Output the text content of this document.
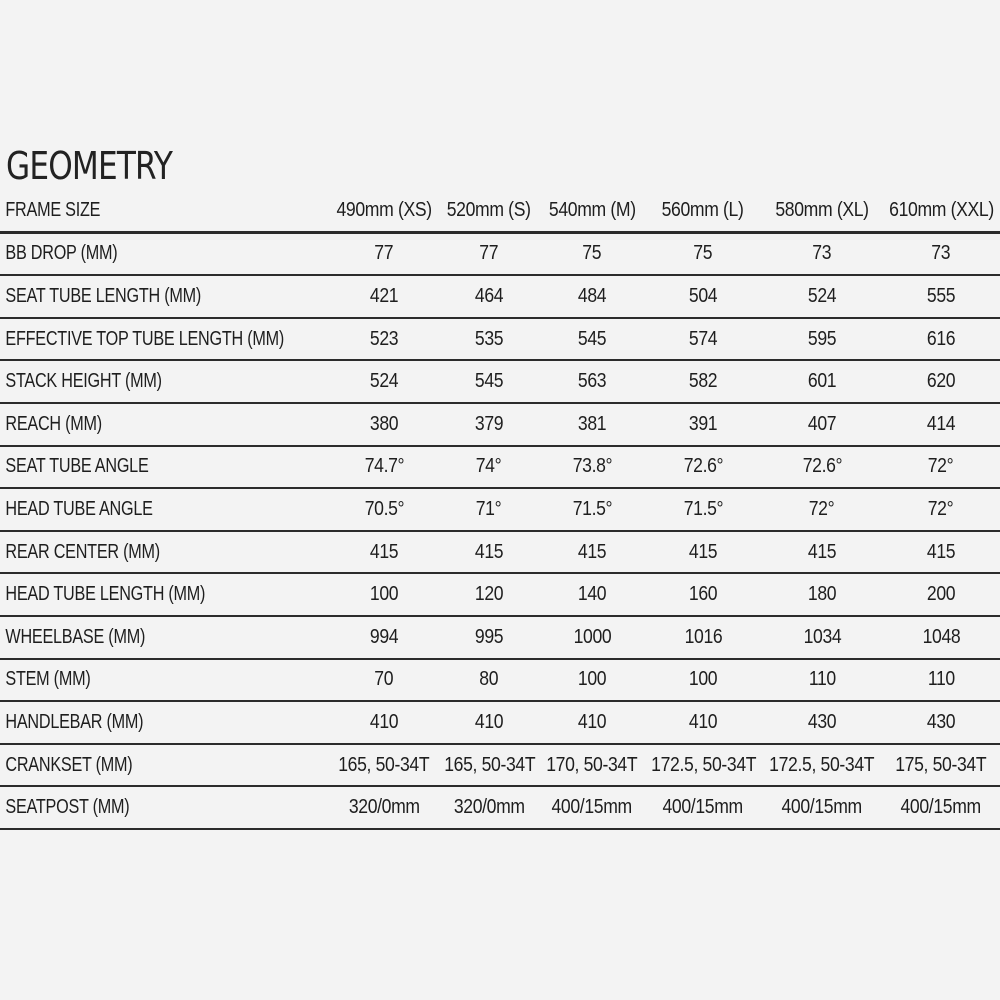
GEOMETRY
FRAME SIZE	490mm (XS)	520mm (S)	540mm (M)	560mm (L)	580mm (XL)	610mm (XXL)
BB DROP (MM)	77	77	75	75	73	73
SEAT TUBE LENGTH (MM)	421	464	484	504	524	555
EFFECTIVE TOP TUBE LENGTH (MM)	523	535	545	574	595	616
STACK HEIGHT (MM)	524	545	563	582	601	620
REACH (MM)	380	379	381	391	407	414
SEAT TUBE ANGLE	74.7°	74°	73.8°	72.6°	72.6°	72°
HEAD TUBE ANGLE	70.5°	71°	71.5°	71.5°	72°	72°
REAR CENTER (MM)	415	415	415	415	415	415
HEAD TUBE LENGTH (MM)	100	120	140	160	180	200
WHEELBASE (MM)	994	995	1000	1016	1034	1048
STEM (MM)	70	80	100	100	110	110
HANDLEBAR (MM)	410	410	410	410	430	430
CRANKSET (MM)	165, 50-34T	165, 50-34T	170, 50-34T	172.5, 50-34T	172.5, 50-34T	175, 50-34T
SEATPOST (MM)	320/0mm	320/0mm	400/15mm	400/15mm	400/15mm	400/15mm
